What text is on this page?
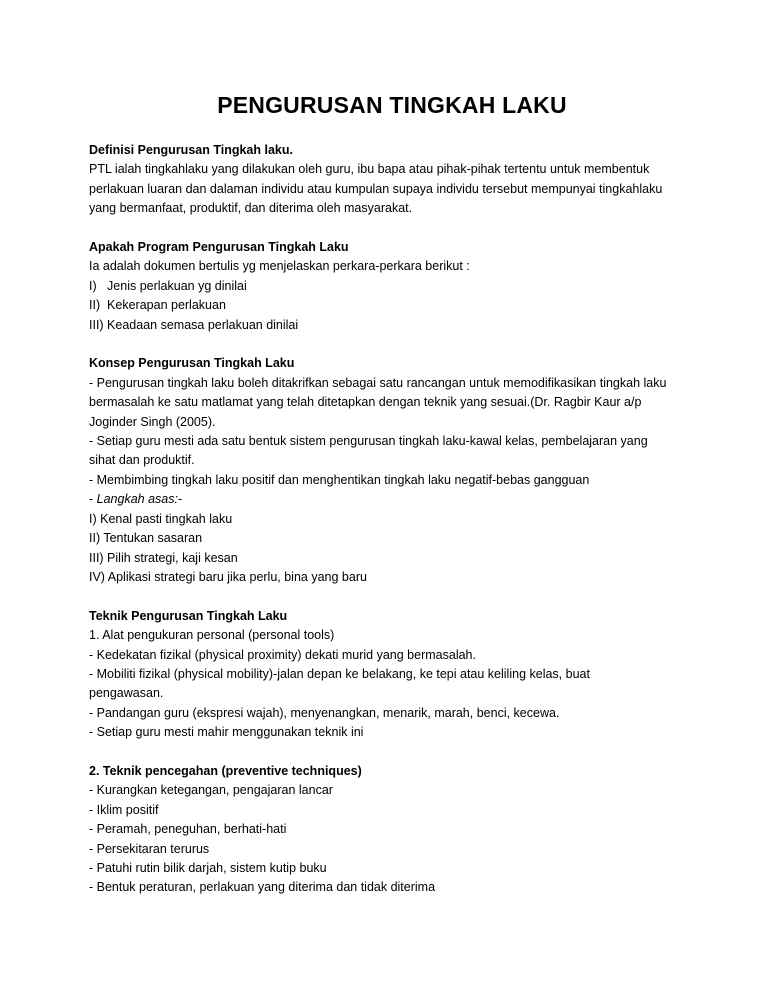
PENGURUSAN TINGKAH LAKU
Definisi Pengurusan Tingkah laku.
PTL ialah tingkahlaku yang dilakukan oleh guru, ibu bapa atau pihak-pihak tertentu untuk membentuk
perlakuan luaran dan dalaman individu atau kumpulan supaya individu tersebut mempunyai tingkahlaku
yang bermanfaat, produktif, dan diterima oleh masyarakat.
Apakah Program Pengurusan Tingkah Laku
Ia adalah dokumen bertulis yg menjelaskan perkara-perkara berikut :
I)   Jenis perlakuan yg dinilai
II)  Kekerapan perlakuan
III) Keadaan semasa perlakuan dinilai
Konsep Pengurusan Tingkah Laku
- Pengurusan tingkah laku boleh ditakrifkan sebagai satu rancangan untuk memodifikasikan tingkah laku
bermasalah ke satu matlamat yang telah ditetapkan dengan teknik yang sesuai.(Dr. Ragbir Kaur a/p
Joginder Singh (2005).
- Setiap guru mesti ada satu bentuk sistem pengurusan tingkah laku-kawal kelas, pembelajaran yang
sihat dan produktif.
- Membimbing tingkah laku positif dan menghentikan tingkah laku negatif-bebas gangguan
- Langkah asas:-
I) Kenal pasti tingkah laku
II) Tentukan sasaran
III) Pilih strategi, kaji kesan
IV) Aplikasi strategi baru jika perlu, bina yang baru
Teknik Pengurusan Tingkah Laku
1. Alat pengukuran personal (personal tools)
- Kedekatan fizikal (physical proximity) dekati murid yang bermasalah.
- Mobiliti fizikal (physical mobility)-jalan depan ke belakang, ke tepi atau keliling kelas, buat
pengawasan.
- Pandangan guru (ekspresi wajah), menyenangkan, menarik, marah, benci, kecewa.
- Setiap guru mesti mahir menggunakan teknik ini
2. Teknik pencegahan (preventive techniques)
- Kurangkan ketegangan, pengajaran lancar
- Iklim positif
- Peramah, peneguhan, berhati-hati
- Persekitaran terurus
- Patuhi rutin bilik darjah, sistem kutip buku
- Bentuk peraturan, perlakuan yang diterima dan tidak diterima
